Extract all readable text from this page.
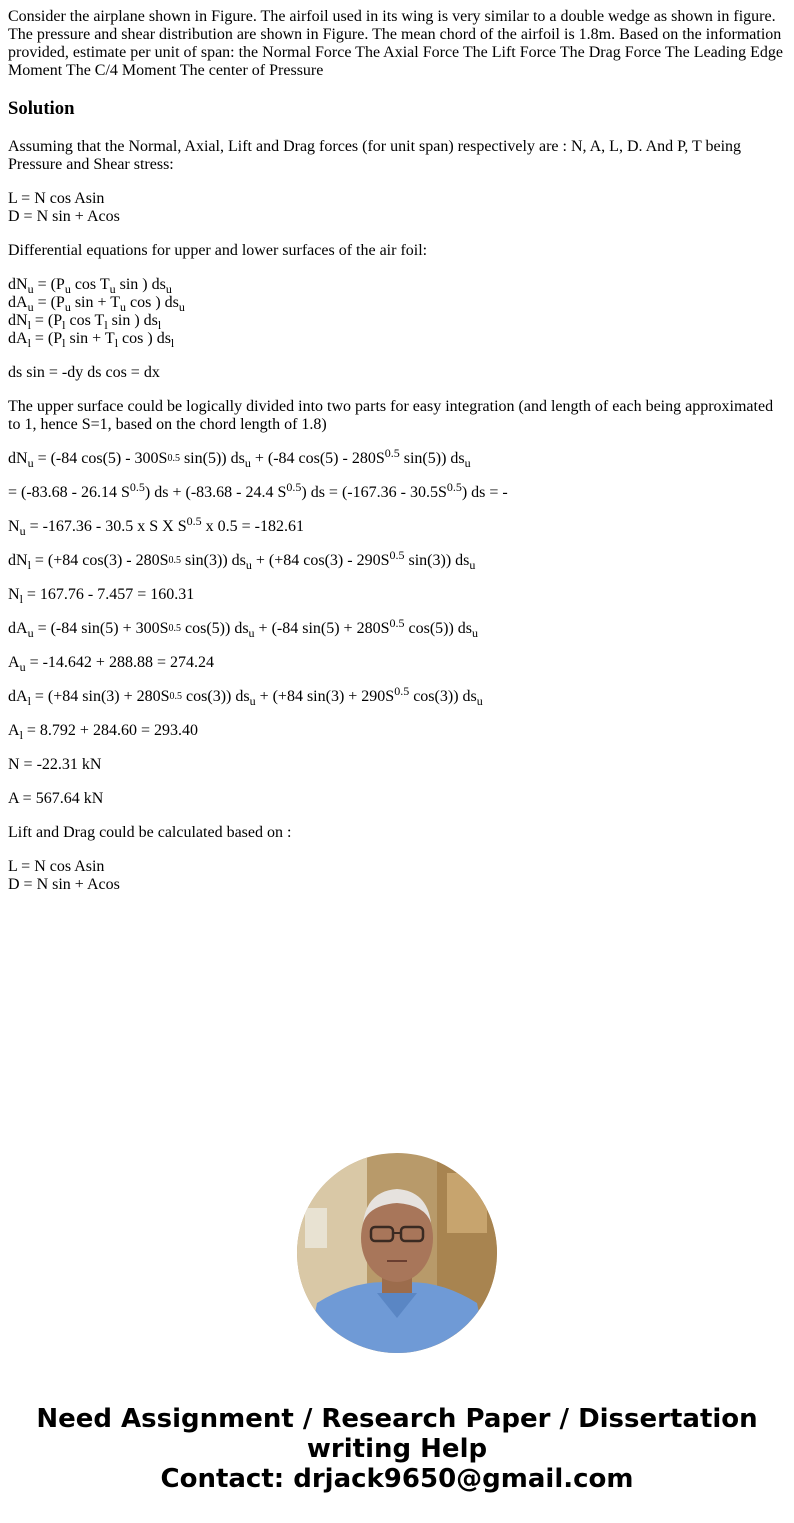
Consider the airplane shown in Figure. The airfoil used in its wing is very similar to a double wedge as shown in figure. The pressure and shear distribution are shown in Figure. The mean chord of the airfoil is 1.8m. Based on the information provided, estimate per unit of span: the Normal Force The Axial Force The Lift Force The Drag Force The Leading Edge Moment The C/4 Moment The center of Pressure

Solution

Assuming that the Normal, Axial, Lift and Drag forces (for unit span) respectively are : N, A, L, D. And P, T being Pressure and Shear stress:

L = N cos Asin
D = N sin + Acos

Differential equations for upper and lower surfaces of the air foil:

$dN_u = (P_u$ $\cos T_u$ sin ) $ds_u$
$dA_u = (P_u$ $\sin + T_u$ cos ) $ds_u$
$dN_l = (P_l$ $\cos T_l$ sin ) $ds_l$
$dA_l = (P_l$ $\sin + T_l$ cos ) $ds_l$

ds sin = -dy ds cos = dx

The upper surface could be logically divided into two parts for easy integration (and length of each being approximated to 1, hence S=1, based on the chord length of 1.8)

$dN_u = (-84$ cos(5) - 300S0.5 sin(5)) $ds_u + (-84$ $\cos(5) - 280S^{0.5}$ sin(5)) $ds_u$

= (-83.68 - 26.14 $S^{0.5}$) ds + (-83.68 - 24.4 $S^{0.5}$) ds = $(-167.36 - 30.5S^{0.5})$ ds = -

$N_u = -167.36 - 30.5$ x S X $S^{0.5}$ x 0.5 = -182.61

$dN_l = (+84$ cos(3) - 280S0.5 sin(3)) $ds_u + (+84$ $\cos(3) - 290S^{0.5}$ sin(3)) $ds_u$

$N_l = 167.76 - 7.457 = 160.31$

$dA_u = (-84$ sin(5) + 300S0.5 cos(5)) $ds_u + (-84$ $\sin(5) + 280S^{0.5}$ cos(5)) $ds_u$

$A_u = -14.642 + 288.88 = 274.24$

$dA_l = (+84$ sin(3) + 280S0.5 cos(3)) $ds_u + (+84$ $\sin(3) + 290S^{0.5}$ cos(3)) $ds_u$

$A_l = 8.792 + 284.60 = 293.40$

N = -22.31 kN

A = 567.64 kN

Lift and Drag could be calculated based on :

L = N cos Asin
D = N sin + Acos

Need Assignment / Research Paper / Dissertation
writing Help
Contact: drjack9650@gmail.com
